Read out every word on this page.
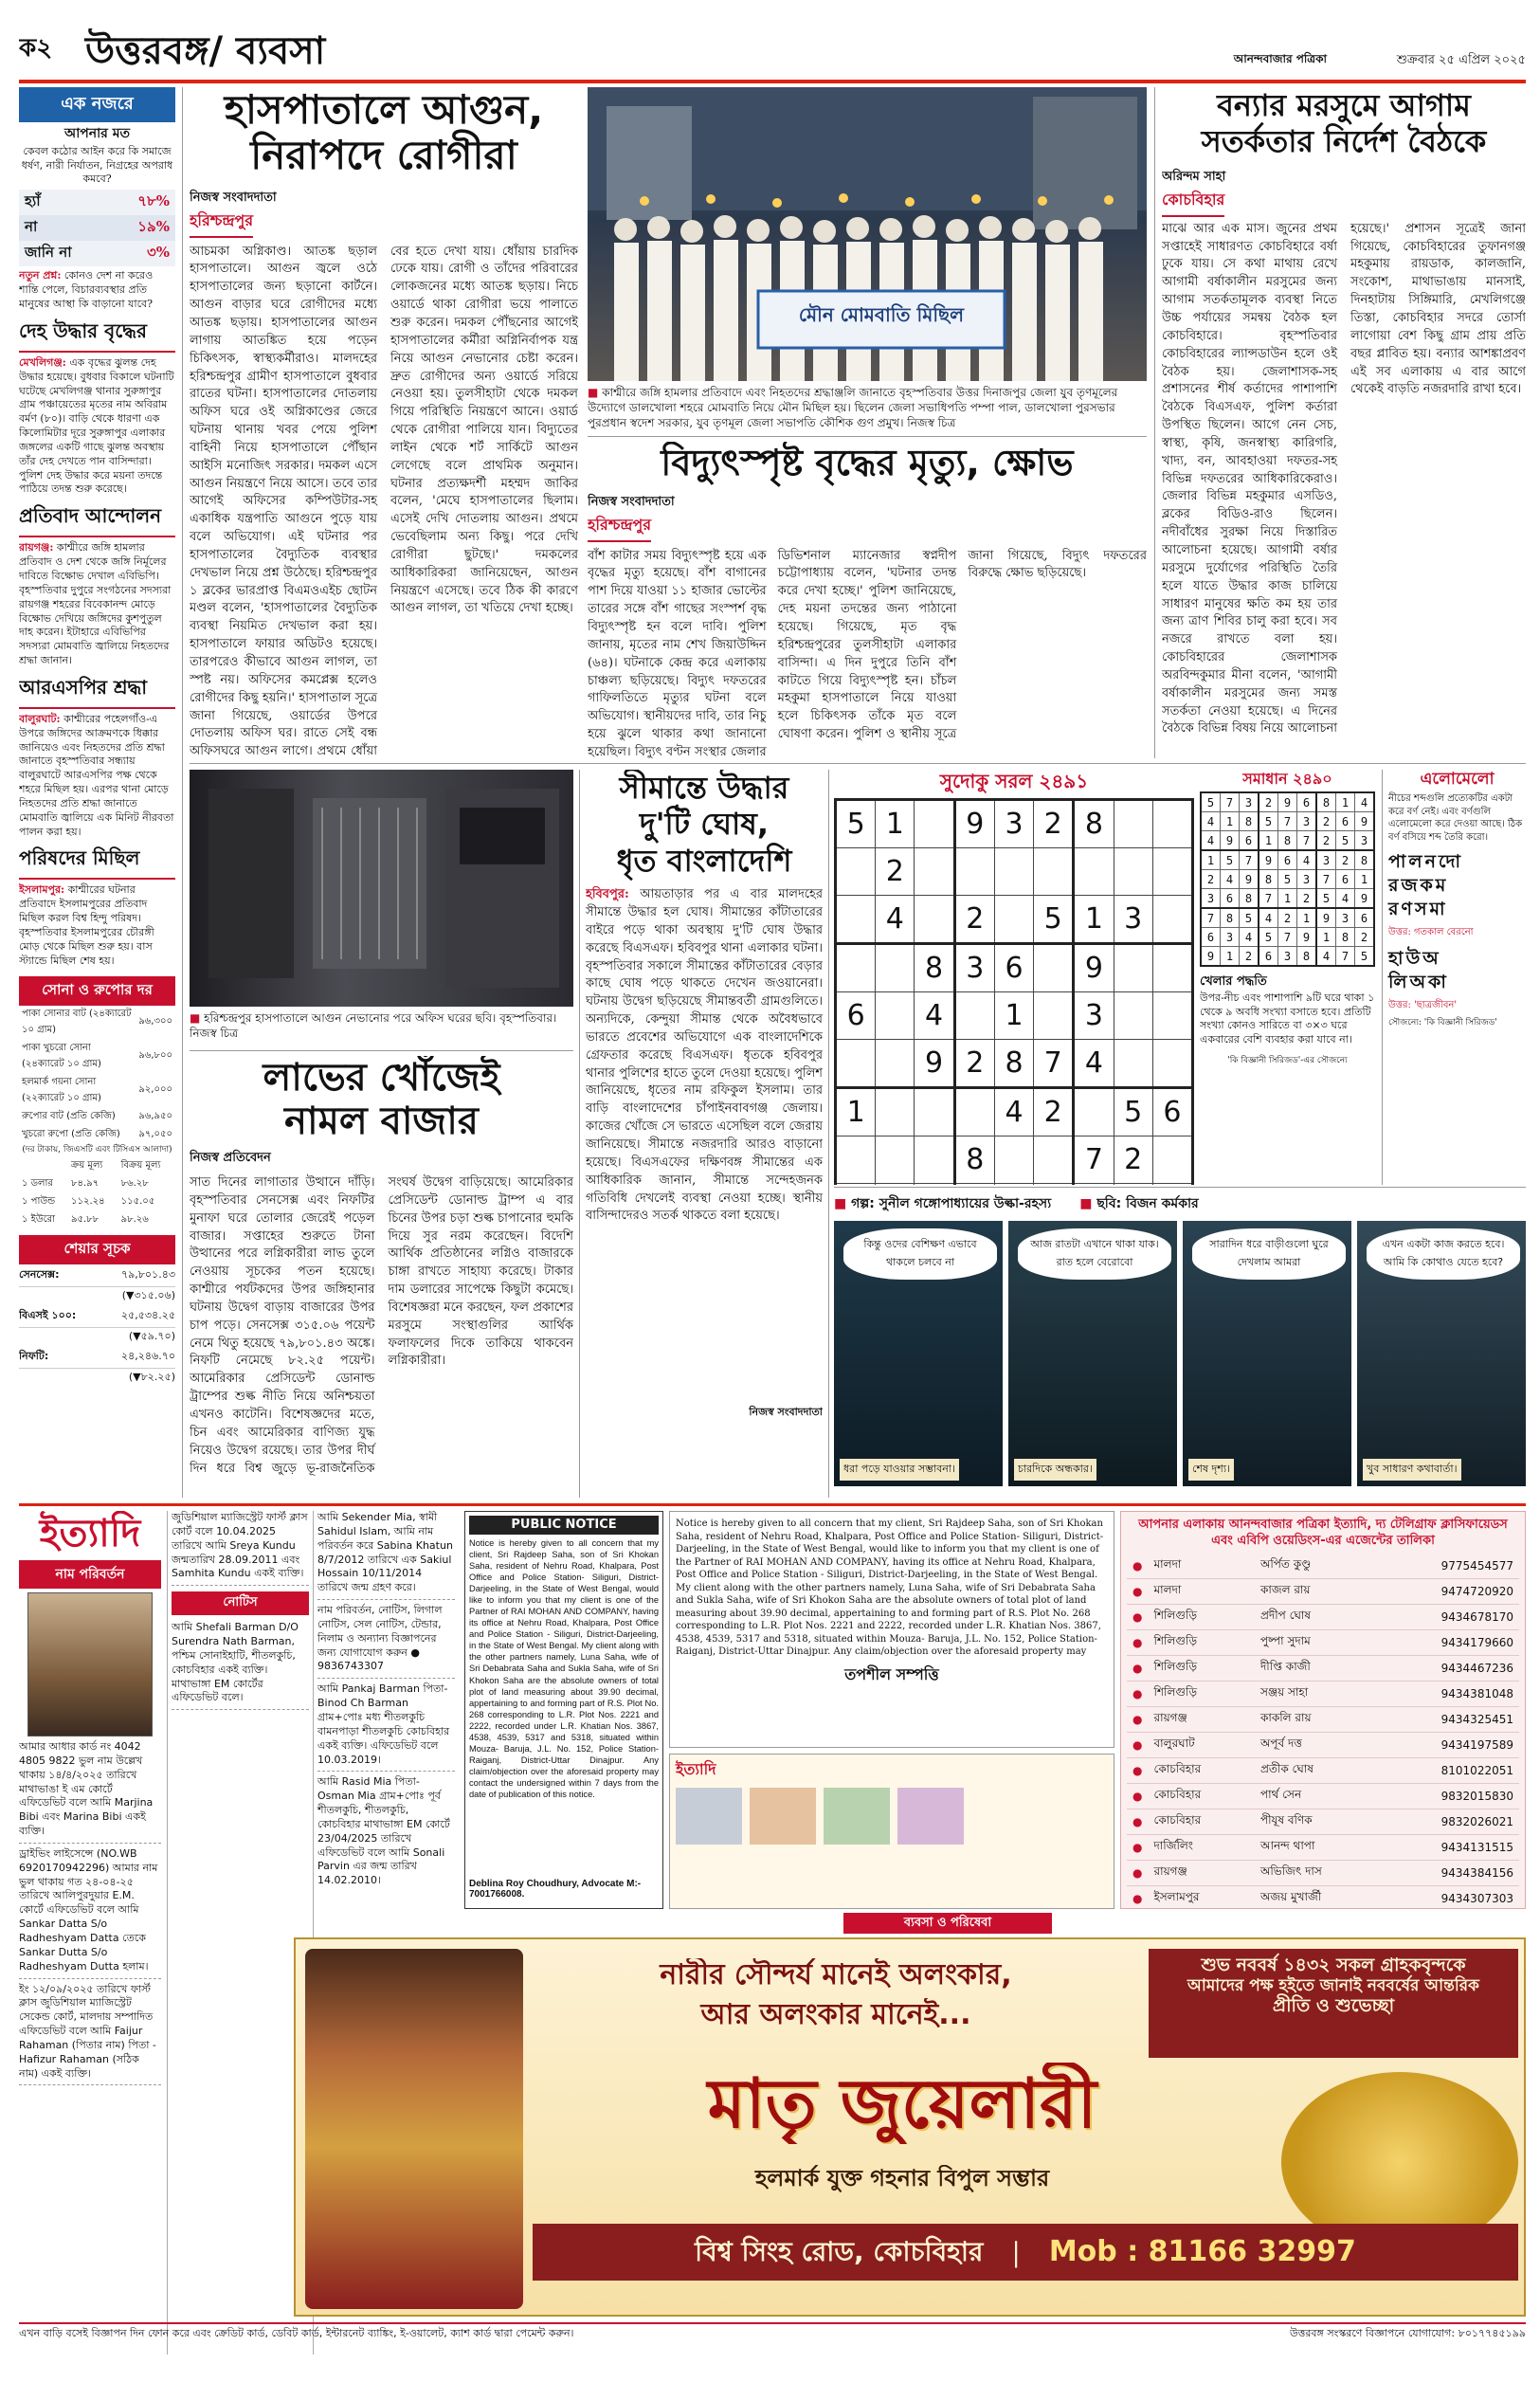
ক২ উত্তরবঙ্গ/ ব্যবসা	আনন্দবাজার পত্রিকা	শুক্রবার ২৫ এপ্রিল ২০২৫
এক নজরে
আপনার মত
কেবল কঠোর আইন করে কি সমাজে ধর্ষণ, নারী নির্যাতন, নিগ্রহের অপরাধ কমবে?
হ্যাঁ	৭৮%
না	১৯%
জানি না	৩%
নতুন প্রশ্ন: কোনও দেশ না করেও শান্তি পেলে, বিচারব্যবস্থার প্রতি মানুষের আস্থা কি বাড়ানো যাবে?
দেহ উদ্ধার বৃদ্ধের
মেখলিগঞ্জ: এক বৃদ্ধের ঝুলন্ত দেহ উদ্ধার হয়েছে। বুধবার বিকালে ঘটনাটি ঘটেছে মেখলিগঞ্জ থানার সুরুঙ্গাপুর গ্রাম পঞ্চায়েতের মৃতের নাম অবিরাম বর্মণ (৮০)। বাড়ি থেকে ধারণা এক কিলোমিটার দূরে সুরুঙ্গাপুর এলাকার জঙ্গলের একটি গাছে ঝুলন্ত অবস্থায় তাঁর দেহ দেখতে পান বাসিন্দারা। পুলিশ দেহ উদ্ধার করে ময়না তদন্তে পাঠিয়ে তদন্ত শুরু করেছে।
প্রতিবাদ আন্দোলন
রায়গঞ্জ: কাশ্মীরে জঙ্গি হামলার প্রতিবাদ ও দেশ থেকে জঙ্গি নির্মূলের দাবিতে বিক্ষোভ দেখাল এবিভিপি। বৃহস্পতিবার দুপুরে সংগঠনের সদস্যরা রায়গঞ্জ শহরের বিবেকানন্দ মোড়ে বিক্ষোভ দেখিয়ে জঙ্গিদের কুশপুতুল দাহ করেন। ইটাহারে এবিভিপির সদস্যরা মোমবাতি জ্বালিয়ে নিহতদের শ্রদ্ধা জানান।
আরএসপির শ্রদ্ধা
বালুরঘাট: কাশ্মীরের পহেলগাঁও-এ উপরে জঙ্গিদের আক্রমণকে ধিক্কার জানিয়েও এবং নিহতদের প্রতি শ্রদ্ধা জানাতে বৃহস্পতিবার সন্ধ্যায় বালুরঘাটে আরএসপির পক্ষ থেকে শহরে মিছিল হয়। এরপর থানা মোড়ে নিহতদের প্রতি শ্রদ্ধা জানাতে মোমবাতি জ্বালিয়ে এক মিনিট নীরবতা পালন করা হয়।
পরিষদের মিছিল
ইসলামপুর: কাশ্মীরের ঘটনার প্রতিবাদে ইসলামপুরের প্রতিবাদ মিছিল করল বিশ্ব হিন্দু পরিষদ। বৃহস্পতিবার ইসলামপুরের চৌরঙ্গী মোড় থেকে মিছিল শুরু হয়। বাস স্ট্যান্ডে মিছিল শেষ হয়।
সোনা ও রুপোর দর
পাকা সোনার বাট (২৪ক্যারেট ১০ গ্রাম)	৯৬,৩০০
পাকা খুচরো সোনা (২৪ক্যারেট ১০ গ্রাম)	৯৬,৮০০
হলমার্ক গয়না সোনা (২২ক্যারেট ১০ গ্রাম)	৯২,০০০
রুপোর বাট (প্রতি কেজি)	৯৬,৯৫০
খুচরো রুপো (প্রতি কেজি)	৯৭,০৫০
(দর টাকায়, জিএসটি এবং টিসিএস আলাদা)
	ক্রয় মূল্য	বিক্রয় মূল্য
১ ডলার	৮৪.৯৭	৮৬.২৮
১ পাউন্ড	১১২.২৪	১১৫.০৫
১ ইউরো	৯৫.৮৮	৯৮.২৬
শেয়ার সূচক
সেনসেক্স:	৭৯,৮০১.৪৩
(▼৩১৫.০৬)
বিএসই ১০০:	২৫,৫৩৪.২৫
(▼৫৯.৭০)
নিফটি:	২৪,২৪৬.৭০
(▼৮২.২৫)
হাসপাতালে আগুন,
নিরাপদে রোগীরা
নিজস্ব সংবাদদাতা
হরিশ্চন্দ্রপুর
আচমকা অগ্নিকাণ্ড। আতঙ্ক ছড়াল হাসপাতালে। আগুন জ্বলে ওঠে হাসপাতালের জন্য ছড়ানো কার্টনে। আগুন বাড়ার ঘরে রোগীদের মধ্যে আতঙ্ক ছড়ায়। হাসপাতালের আগুন লাগায় আতঙ্কিত হয়ে পড়েন চিকিৎসক, স্বাস্থ্যকর্মীরাও। মালদহের হরিশ্চন্দ্রপুর গ্রামীণ হাসপাতালে বুধবার রাতের ঘটনা। হাসপাতালের দোতলায় অফিস ঘরে ওই অগ্নিকাণ্ডের জেরে ঘটনায় থানায় খবর পেয়ে পুলিশ বাহিনী নিয়ে হাসপাতালে পৌঁছান আইসি মনোজিৎ সরকার। দমকল এসে আগুন নিয়ন্ত্রণে নিয়ে আসে। তবে তার আগেই অফিসের কম্পিউটার-সহ একাধিক যন্ত্রপাতি আগুনে পুড়ে যায় বলে অভিযোগ। এই ঘটনার পর হাসপাতালের বৈদ্যুতিক ব্যবস্থার দেখভাল নিয়ে প্রশ্ন উঠেছে। হরিশ্চন্দ্রপুর ১ ব্লকের ভারপ্রাপ্ত বিএমওএইচ ছোটন মণ্ডল বলেন, 'হাসপাতালের বৈদ্যুতিক ব্যবস্থা নিয়মিত দেখভাল করা হয়। হাসপাতালে ফায়ার অডিটও হয়েছে। তারপরেও কীভাবে আগুন লাগল, তা স্পষ্ট নয়। অফিসের কমপ্লেক্স হলেও রোগীদের কিছু হয়নি।' হাসপাতাল সূত্রে জানা গিয়েছে, ওয়ার্ডের উপরে দোতলায় অফিস ঘর। রাতে সেই বন্ধ অফিসঘরে আগুন লাগে। প্রথমে ধোঁয়া বের হতে দেখা যায়। ধোঁয়ায় চারদিক ঢেকে যায়। রোগী ও তাঁদের পরিবারের লোকজনের মধ্যে আতঙ্ক ছড়ায়। নিচে ওয়ার্ডে থাকা রোগীরা ভয়ে পালাতে শুরু করেন। দমকল পৌঁছনোর আগেই হাসপাতালের কর্মীরা অগ্নিনির্বাপক যন্ত্র নিয়ে আগুন নেভানোর চেষ্টা করেন। দ্রুত রোগীদের অন্য ওয়ার্ডে সরিয়ে নেওয়া হয়। তুলসীহাটা থেকে দমকল গিয়ে পরিস্থিতি নিয়ন্ত্রণে আনে। ওয়ার্ড থেকে রোগীরা পালিয়ে যান। বিদ্যুতের লাইন থেকে শর্ট সার্কিটে আগুন লেগেছে বলে প্রাথমিক অনুমান। ঘটনার প্রত্যক্ষদর্শী মহম্মদ জাকির বলেন, 'মেঘে হাসপাতালের ছিলাম। এসেই দেখি দোতলায় আগুন। প্রথমে ভেবেছিলাম অন্য কিছু। পরে দেখি রোগীরা ছুটছে।' দমকলের আধিকারিকরা জানিয়েছেন, আগুন নিয়ন্ত্রণে এসেছে। তবে ঠিক কী কারণে আগুন লাগল, তা খতিয়ে দেখা হচ্ছে।
মৌন মোমবাতি মিছিল
■ কাশ্মীরে জঙ্গি হামলার প্রতিবাদে এবং নিহতদের শ্রদ্ধাঞ্জলি জানাতে বৃহস্পতিবার উত্তর দিনাজপুর জেলা যুব তৃণমূলের উদ্যোগে ডালখোলা শহরে মোমবাতি নিয়ে মৌন মিছিল হয়। ছিলেন জেলা সভাধিপতি পম্পা পাল, ডালখোলা পুরসভার পুরপ্রধান স্বদেশ সরকার, যুব তৃণমূল জেলা সভাপতি কৌশিক গুণ প্রমুখ। নিজস্ব চিত্র
বন্যার মরসুমে আগাম
সতর্কতার নির্দেশ বৈঠকে
অরিন্দম সাহা
কোচবিহার
মাঝে আর এক মাস। জুনের প্রথম সপ্তাহেই সাধারণত কোচবিহারে বর্ষা ঢুকে যায়। সে কথা মাথায় রেখে আগামী বর্ষাকালীন মরসুমের জন্য আগাম সতর্কতামূলক ব্যবস্থা নিতে উচ্চ পর্যায়ের সমন্বয় বৈঠক হল কোচবিহারে। বৃহস্পতিবার কোচবিহারের ল্যান্সডাউন হলে ওই বৈঠক হয়। জেলাশাসক-সহ প্রশাসনের শীর্ষ কর্তাদের পাশাপাশি বৈঠকে বিএসএফ, পুলিশ কর্তারা উপস্থিত ছিলেন। আগে নেন সেচ, স্বাস্থ্য, কৃষি, জনস্বাস্থ্য কারিগরি, খাদ্য, বন, আবহাওয়া দফতর-সহ বিভিন্ন দফতরের আধিকারিকেরাও। জেলার বিভিন্ন মহকুমার এসডিও, ব্লকের বিডিও-রাও ছিলেন। নদীবাঁধের সুরক্ষা নিয়ে দিস্তারিত আলোচনা হয়েছে। আগামী বর্ষার মরসুমে দুর্যোগের পরিস্থিতি তৈরি হলে যাতে উদ্ধার কাজ চালিয়ে সাধারণ মানুষের ক্ষতি কম হয় তার জন্য ত্রাণ শিবির চালু করা হবে। সব নজরে রাখতে বলা হয়। কোচবিহারের জেলাশাসক অরবিন্দকুমার মীনা বলেন, 'আগামী বর্ষাকালীন মরসুমের জন্য সমস্ত সতর্কতা নেওয়া হয়েছে। এ দিনের বৈঠকে বিভিন্ন বিষয় নিয়ে আলোচনা হয়েছে।' প্রশাসন সূত্রেই জানা গিয়েছে, কোচবিহারের তুফানগঞ্জ মহকুমায় রায়ডাক, কালজানি, সংকোশ, মাথাভাঙায় মানসাই, দিনহাটায় সিঙ্গিমারি, মেখলিগঞ্জে তিস্তা, কোচবিহার সদরে তোর্সা লাগোয়া বেশ কিছু গ্রাম প্রায় প্রতি বছর প্লাবিত হয়। বন্যার আশঙ্কাপ্রবণ এই সব এলাকায় এ বার আগে থেকেই বাড়তি নজরদারি রাখা হবে।
বিদ্যুৎস্পৃষ্ট বৃদ্ধের মৃত্যু, ক্ষোভ
নিজস্ব সংবাদদাতা
হরিশ্চন্দ্রপুর
বাঁশ কাটার সময় বিদ্যুৎস্পৃষ্ট হয়ে এক বৃদ্ধের মৃত্যু হয়েছে। বাঁশ বাগানের পাশ দিয়ে যাওয়া ১১ হাজার ভোল্টের তারের সঙ্গে বাঁশ গাছের সংস্পর্শ বৃদ্ধ বিদ্যুৎস্পৃষ্ট হন বলে দাবি। পুলিশ জানায়, মৃতের নাম শেখ জিয়াউদ্দিন (৬৪)। ঘটনাকে কেন্দ্র করে এলাকায় চাঞ্চল্য ছড়িয়েছে। বিদ্যুৎ দফতরের গাফিলতিতে মৃত্যুর ঘটনা বলে অভিযোগ। স্থানীয়দের দাবি, তার নিচু হয়ে ঝুলে থাকার কথা জানানো হয়েছিল। বিদ্যুৎ বণ্টন সংস্থার জেলার ডিভিশনাল ম্যানেজার স্বপ্নদীপ চট্টোপাধ্যায় বলেন, 'ঘটনার তদন্ত করে দেখা হচ্ছে।' পুলিশ জানিয়েছে, দেহ ময়না তদন্তের জন্য পাঠানো হয়েছে। গিয়েছে, মৃত বৃদ্ধ হরিশ্চন্দ্রপুরের তুলসীহাটা এলাকার বাসিন্দা। এ দিন দুপুরে তিনি বাঁশ কাটতে গিয়ে বিদ্যুৎস্পৃষ্ট হন। চাঁচল মহকুমা হাসপাতালে নিয়ে যাওয়া হলে চিকিৎসক তাঁকে মৃত বলে ঘোষণা করেন। পুলিশ ও স্থানীয় সূত্রে জানা গিয়েছে, বিদ্যুৎ দফতরের বিরুদ্ধে ক্ষোভ ছড়িয়েছে।
■ হরিশ্চন্দ্রপুর হাসপাতালে আগুন নেভানোর পরে অফিস ঘরের ছবি। বৃহস্পতিবার। নিজস্ব চিত্র
লাভের খোঁজেই
নামল বাজার
নিজস্ব প্রতিবেদন
সাত দিনের লাগাতার উত্থানে দাঁড়ি। বৃহস্পতিবার সেনসেক্স এবং নিফটির মুনাফা ঘরে তোলার জেরেই পড়েল বাজার। সপ্তাহের শুরুতে টানা উত্থানের পরে লগ্নিকারীরা লাভ তুলে নেওয়ায় সূচকের পতন হয়েছে। কাশ্মীরে পর্যটকদের উপর জঙ্গিহানার ঘটনায় উদ্বেগ বাড়ায় বাজারের উপর চাপ পড়ে। সেনসেক্স ৩১৫.০৬ পয়েন্ট নেমে থিতু হয়েছে ৭৯,৮০১.৪৩ অঙ্কে। নিফটি নেমেছে ৮২.২৫ পয়েন্ট। আমেরিকার প্রেসিডেন্ট ডোনাল্ড ট্রাম্পের শুল্ক নীতি নিয়ে অনিশ্চয়তা এখনও কাটেনি। বিশেষজ্ঞদের মতে, চিন এবং আমেরিকার বাণিজ্য যুদ্ধ নিয়েও উদ্বেগ রয়েছে। তার উপর দীর্ঘ দিন ধরে বিশ্ব জুড়ে ভূ-রাজনৈতিক সংঘর্ষ উদ্বেগ বাড়িয়েছে। আমেরিকার প্রেসিডেন্ট ডোনাল্ড ট্রাম্প এ বার চিনের উপর চড়া শুল্ক চাপানোর হুমকি দিয়ে সুর নরম করেছেন। বিদেশি আর্থিক প্রতিষ্ঠানের লগ্নিও বাজারকে চাঙ্গা রাখতে সাহায্য করেছে। টাকার দাম ডলারের সাপেক্ষে কিছুটা কমেছে। বিশেষজ্ঞরা মনে করছেন, ফল প্রকাশের মরসুমে সংস্থাগুলির আর্থিক ফলাফলের দিকে তাকিয়ে থাকবেন লগ্নিকারীরা।
সীমান্তে উদ্ধার
দু'টি ঘোষ,
ধৃত বাংলাদেশি
হবিবপুর: আয়তাড়ার পর এ বার মালদহের সীমান্তে উদ্ধার হল ঘোষ। সীমান্তের কাঁটাতারের বাইরে পড়ে থাকা অবস্থায় দু'টি ঘোষ উদ্ধার করেছে বিএসএফ। হবিবপুর থানা এলাকার ঘটনা। বৃহস্পতিবার সকালে সীমান্তের কাঁটাতারের বেড়ার কাছে ঘোষ পড়ে থাকতে দেখেন জওয়ানেরা। ঘটনায় উদ্বেগ ছড়িয়েছে সীমান্তবর্তী গ্রামগুলিতে। অন্যদিকে, কেন্দুয়া সীমান্ত থেকে অবৈধভাবে ভারতে প্রবেশের অভিযোগে এক বাংলাদেশিকে গ্রেফতার করেছে বিএসএফ। ধৃতকে হবিবপুর থানার পুলিশের হাতে তুলে দেওয়া হয়েছে। পুলিশ জানিয়েছে, ধৃতের নাম রফিকুল ইসলাম। তার বাড়ি বাংলাদেশের চাঁপাইনবাবগঞ্জ জেলায়। কাজের খোঁজে সে ভারতে এসেছিল বলে জেরায় জানিয়েছে। সীমান্তে নজরদারি আরও বাড়ানো হয়েছে। বিএসএফের দক্ষিণবঙ্গ সীমান্তের এক আধিকারিক জানান, সীমান্তে সন্দেহজনক গতিবিধি দেখলেই ব্যবস্থা নেওয়া হচ্ছে। স্থানীয় বাসিন্দাদেরও সতর্ক থাকতে বলা হয়েছে।
নিজস্ব সংবাদদাতা
সুদোকু সরল ২৪৯১
5	1		9	3	2	8		
	2							
	4		2		5	1	3	
		8	3	6		9		
6		4		1		3		
		9	2	8	7	4		
1				4	2		5	6
			8			7	2	

সমাধান ২৪৯০
5	7	3	2	9	6	8	1	4
4	1	8	5	7	3	2	6	9
4	9	6	1	8	7	2	5	3
1	5	7	9	6	4	3	2	8
2	4	9	8	5	3	7	6	1
3	6	8	7	1	2	5	4	9
7	8	5	4	2	1	9	3	6
6	3	4	5	7	9	1	8	2
9	1	2	6	3	8	4	7	5
খেলার পদ্ধতি
উপর-নীচ এবং পাশাপাশি ৯টি ঘরে থাকা ১ থেকে ৯ অবধি সংখ্যা বসাতে হবে। প্রতিটি সংখ্যা কোনও সারিতে বা ৩×৩ ঘরে একবারের বেশি ব্যবহার করা যাবে না।
'কি বিজ্ঞানী সিরিজড'-এর সৌজন্যে
এলোমেলো
নীচের শব্দগুলি প্রত্যেকটির একটা করে বর্ণ নেই। এবং বর্ণগুলি এলোমেলো করে দেওয়া আছে। ঠিক বর্ণ বসিয়ে শব্দ তৈরি করো।
পালনদো
রজকম
রণসমা
উত্তর: গতকাল বেরনো
হাউঅ
লিঅকা
উত্তর: 'ছাত্রজীবন'
সৌজন্যে: 'কি বিজ্ঞানী সিরিজড'
■ গল্প: সুনীল গঙ্গোপাধ্যায়ের উল্কা-রহস্য ■ ছবি: বিজন কর্মকার
কিন্তু ওদের বেশিক্ষণ এভাবে থাকলে চলবে না
ধরা পড়ে যাওয়ার সম্ভাবনা।
আজ রাতটা এখানে থাকা যাক। রাত হলে বেরোবো
চারদিকে অন্ধকার।
সারাদিন ধরে বাড়ীগুলো ঘুরে দেখলাম আমরা
শেষ দৃশ্য।
এখন একটা কাজ করতে হবে। আমি কি কোথাও যেতে হবে?
খুব সাধারণ কথাবার্তা।
ইত্যাদি
নাম পরিবর্তন
আমার আধার কার্ড নং 4042 4805 9822 ভুল নাম উল্লেখ থাকায় ১৪/৪/২০২৫ তারিখে মাথাভাঙা ই এম কোর্টে এফিডেভিট বলে আমি Marjina Bibi এবং Marina Bibi একই ব্যক্তি।
ড্রাইভিং লাইসেন্সে (NO.WB 6920170942296) আমার নাম ভুল থাকায় গত ২৪-০৪-২৫ তারিখে আলিপুরদুয়ার E.M. কোর্টে এফিডেভিট বলে আমি Sankar Datta S/o Radheshyam Datta তেকে Sankar Dutta S/o Radheshyam Dutta হলাম।
ইং ১২/০৯/২০২৫ তারিখে ফার্স্ট ক্লাস জুডিশিয়াল ম্যাজিস্ট্রেট সেকেন্ড কোর্ট, মালদায় সম্পাদিত এফিডেভিট বলে আমি Faijur Rahaman (পিতার নাম) পিতা - Hafizur Rahaman (সঠিক নাম) একই ব্যক্তি।
জুডিশিয়াল ম্যাজিস্ট্রেট ফার্স্ট ক্লাস কোর্ট বলে 10.04.2025 তারিখে আমি Sreya Kundu জন্মতারিখ 28.09.2011 এবং Samhita Kundu একই ব্যক্তি।
নোটিস
আমি Shefali Barman D/O Surendra Nath Barman, পশ্চিম সোনাইহাটি, শীতলকুচি, কোচবিহার একই ব্যক্তি। মাথাভাঙ্গা EM কোর্টের এফিডেভিট বলে।
আমি Sekender Mia, স্বামী Sahidul Islam, আমি নাম পরিবর্তন করে Sabina Khatun 8/7/2012 তারিখে এক Sakiul Hossain 10/11/2014 তারিখে জন্ম গ্রহণ করে।
নাম পরিবর্তন, নোটিস, লিগাল নোটিস, সেল নোটিস, টেন্ডার, নিলাম ও অন্যান্য বিজ্ঞাপনের জন্য যোগাযোগ করুন ● 9836743307
আমি Pankaj Barman পিতা- Binod Ch Barman গ্রাম+পোঃ মধ্য শীতলকুচি বামনপাড়া শীতলকুচি কোচবিহার একই ব্যক্তি। এফিডেভিট বলে 10.03.2019।
আমি Rasid Mia পিতা- Osman Mia গ্রাম+পোঃ পূর্ব শীতলকুচি, শীতলকুচি, কোচবিহার মাথাভাঙ্গা EM কোর্টে 23/04/2025 তারিখে এফিডেভিট বলে আমি Sonali Parvin এর জন্ম তারিখ 14.02.2010।
PUBLIC NOTICE
Notice is hereby given to all concern that my client, Sri Rajdeep Saha, son of Sri Khokan Saha, resident of Nehru Road, Khalpara, Post Office and Police Station- Siliguri, District- Darjeeling, in the State of West Bengal, would like to inform you that my client is one of the Partner of RAI MOHAN AND COMPANY, having its office at Nehru Road, Khalpara, Post Office and Police Station - Siliguri, District-Darjeeling, in the State of West Bengal. My client along with the other partners namely, Luna Saha, wife of Sri Debabrata Saha and Sukla Saha, wife of Sri Khokon Saha are the absolute owners of total plot of land measuring about 39.90 decimal, appertaining to and forming part of R.S. Plot No. 268 corresponding to L.R. Plot Nos. 2221 and 2222, recorded under L.R. Khatian Nos. 3867, 4538, 4539, 5317 and 5318, situated within Mouza- Baruja, J.L. No. 152, Police Station- Raiganj, District-Uttar Dinajpur. Any claim/objection over the aforesaid property may contact the undersigned within 7 days from the date of publication of this notice.
Deblina Roy Choudhury, Advocate M:- 7001766008.
Notice is hereby given to all concern that my client, Sri Rajdeep Saha, son of Sri Khokan Saha, resident of Nehru Road, Khalpara, Post Office and Police Station- Siliguri, District- Darjeeling, in the State of West Bengal, would like to inform you that my client is one of the Partner of RAI MOHAN AND COMPANY, having its office at Nehru Road, Khalpara, Post Office and Police Station - Siliguri, District-Darjeeling, in the State of West Bengal. My client along with the other partners namely, Luna Saha, wife of Sri Debabrata Saha and Sukla Saha, wife of Sri Khokon Saha are the absolute owners of total plot of land measuring about 39.90 decimal, appertaining to and forming part of R.S. Plot No. 268 corresponding to L.R. Plot Nos. 2221 and 2222, recorded under L.R. Khatian Nos. 3867, 4538, 4539, 5317 and 5318, situated within Mouza- Baruja, J.L. No. 152, Police Station- Raiganj, District-Uttar Dinajpur. Any claim/objection over the aforesaid property may
তপশীল সম্পত্তি
আপনার এলাকায় আনন্দবাজার পত্রিকা ইত্যাদি, দ্য টেলিগ্রাফ ক্লাসিফায়েডস এবং এবিপি ওয়েডিংস-এর এজেন্টের তালিকা
●	মালদা	অর্পিত কুণ্ডু	9775454577
●	মালদা	কাজল রায়	9474720920
●	শিলিগুড়ি	প্রদীপ ঘোষ	9434678170
●	শিলিগুড়ি	পুষ্পা সুদাম	9434179660
●	শিলিগুড়ি	দীপ্তি কাজী	9434467236
●	শিলিগুড়ি	সঞ্জয় সাহা	9434381048
●	রায়গঞ্জ	কাকলি রায়	9434325451
●	বালুরঘাট	অপূর্ব দত্ত	9434197589
●	কোচবিহার	প্রতীক ঘোষ	8101022051
●	কোচবিহার	পার্থ সেন	9832015830
●	কোচবিহার	পীযূষ বণিক	9832026021
●	দার্জিলিং	আনন্দ থাপা	9434131515
●	রায়গঞ্জ	অভিজিৎ দাস	9434384156
●	ইসলামপুর	অজয় মুখার্জী	9434307303

ইত্যাদি
ব্যবসা ও পরিষেবা
নারীর সৌন্দর্য মানেই অলংকার,
আর অলংকার মানেই...
শুভ নববর্ষ ১৪৩২ সকল গ্রাহকবৃন্দকে
আমাদের পক্ষ হইতে জানাই নববর্ষের আন্তরিক
প্রীতি ও শুভেচ্ছা
মাতৃ জুয়েলারী
হলমার্ক যুক্ত গহনার বিপুল সম্ভার
বিশ্ব সিংহ রোড, কোচবিহার | Mob : 81166 32997
এখন বাড়ি বসেই বিজ্ঞাপন দিন ফোন করে এবং ক্রেডিট কার্ড, ডেবিট কার্ড, ইন্টারনেট ব্যাঙ্কিং, ই-ওয়ালেট, ক্যাশ কার্ড দ্বারা পেমেন্ট করুন।	উত্তরবঙ্গ সংস্করণে বিজ্ঞাপনে যোগাযোগ: ৮০১৭৭৪৫১৯৯
